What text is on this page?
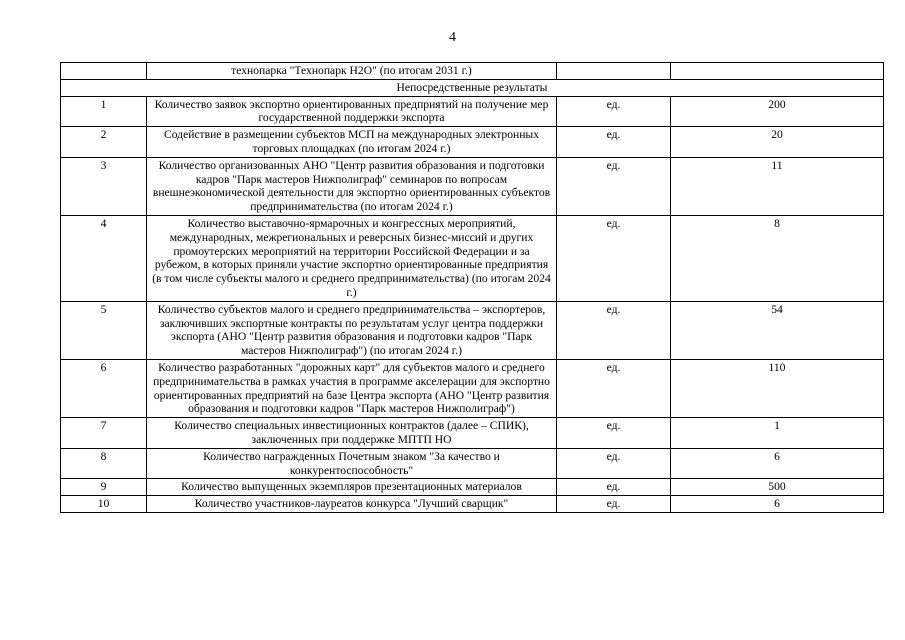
4
	технопарка "Технопарк Н2О" (по итогам 2031 г.)		
Непосредственные результаты			
1	Количество заявок экспортно ориентированных предприятий на получение мер государственной поддержки экспорта	ед.	200
2	Содействие в размещении субъектов МСП на международных электронных торговых площадках (по итогам 2024 г.)	ед.	20
3	Количество организованных АНО "Центр развития образования и подготовки кадров "Парк мастеров Нижполиграф" семинаров по вопросам внешнеэкономической деятельности для экспортно ориентированных субъектов предпринимательства (по итогам 2024 г.)	ед.	11
4	Количество выставочно-ярмарочных и конгрессных мероприятий, международных, межрегиональных и реверсных бизнес-миссий и других промоутерских мероприятий на территории Российской Федерации и за рубежом, в которых приняли участие экспортно ориентированные предприятия (в том числе субъекты малого и среднего предпринимательства) (по итогам 2024 г.)	ед.	8
5	Количество субъектов малого и среднего предпринимательства – экспортеров, заключивших экспортные контракты по результатам услуг центра поддержки экспорта (АНО "Центр развития образования и подготовки кадров "Парк мастеров Нижполиграф") (по итогам 2024 г.)	ед.	54
6	Количество разработанных "дорожных карт" для субъектов малого и среднего предпринимательства в рамках участия в программе акселерации для экспортно ориентированных предприятий на базе Центра экспорта (АНО "Центр развития образования и подготовки кадров "Парк мастеров Нижполиграф")	ед.	110
7	Количество специальных инвестиционных контрактов (далее – СПИК), заключенных при поддержке МПТП НО	ед.	1
8	Количество награжденных Почетным знаком "За качество и конкурентоспособность"	ед.	6
9	Количество выпущенных экземпляров презентационных материалов	ед.	500
10	Количество участников-лауреатов конкурса "Лучший сварщик"	ед.	6
